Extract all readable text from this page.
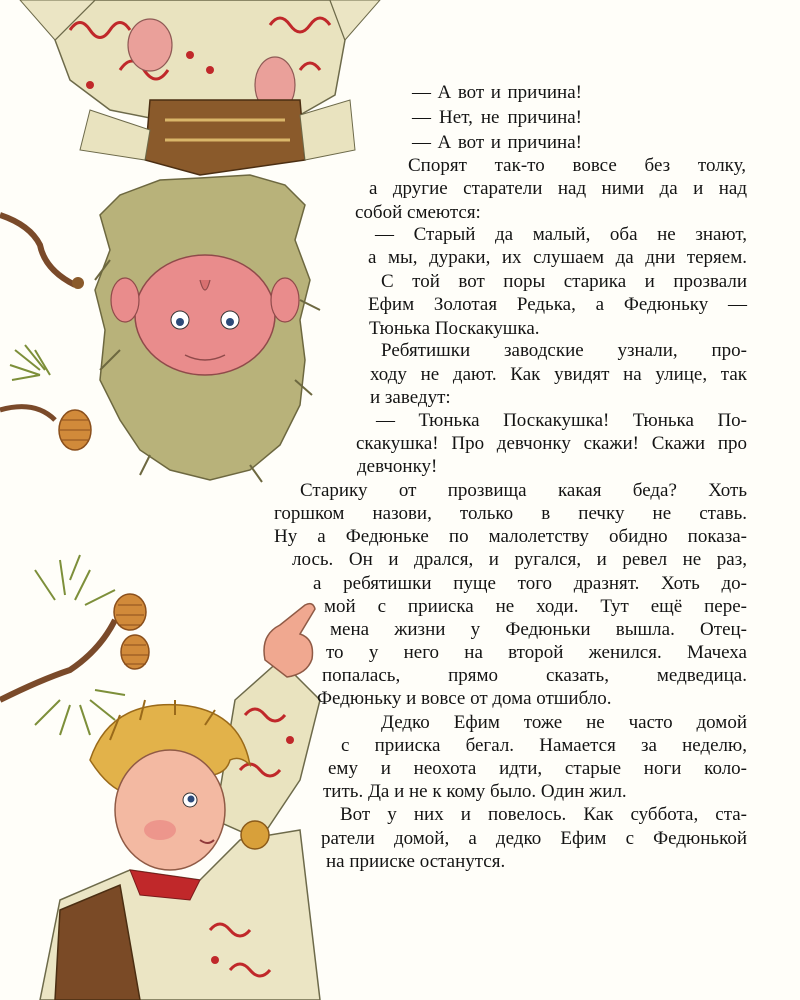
— А вот и причина!
— Нет, не причина!
— А вот и причина!
Спорят так-то вовсе без толку,
а другие старатели над ними да и над
собой смеются:
— Старый да малый, оба не знают,
а мы, дураки, их слушаем да дни теряем.
С той вот поры старика и прозвали
Ефим Золотая Редька, а Федюньку —
Тюнька Поскакушка.
Ребятишки заводские узнали, про-
ходу не дают. Как увидят на улице, так
и заведут:
— Тюнька Поскакушка! Тюнька По-
скакушка! Про девчонку скажи! Скажи про
девчонку!
Старику от прозвища какая беда? Хоть
горшком назови, только в печку не ставь.
Ну а Федюньке по малолетству обидно показа-
лось. Он и дрался, и ругался, и ревел не раз,
а ребятишки пуще того дразнят. Хоть до-
мой с прииска не ходи. Тут ещё пере-
мена жизни у Федюньки вышла. Отец-
то у него на второй женился. Мачеха
попалась, прямо сказать, медведица.
Федюньку и вовсе от дома отшибло.
Дедко Ефим тоже не часто домой
с прииска бегал. Намается за неделю,
ему и неохота идти, старые ноги коло-
тить. Да и не к кому было. Один жил.
Вот у них и повелось. Как суббота, ста-
ратели домой, а дедко Ефим с Федюнькой
на прииске останутся.
